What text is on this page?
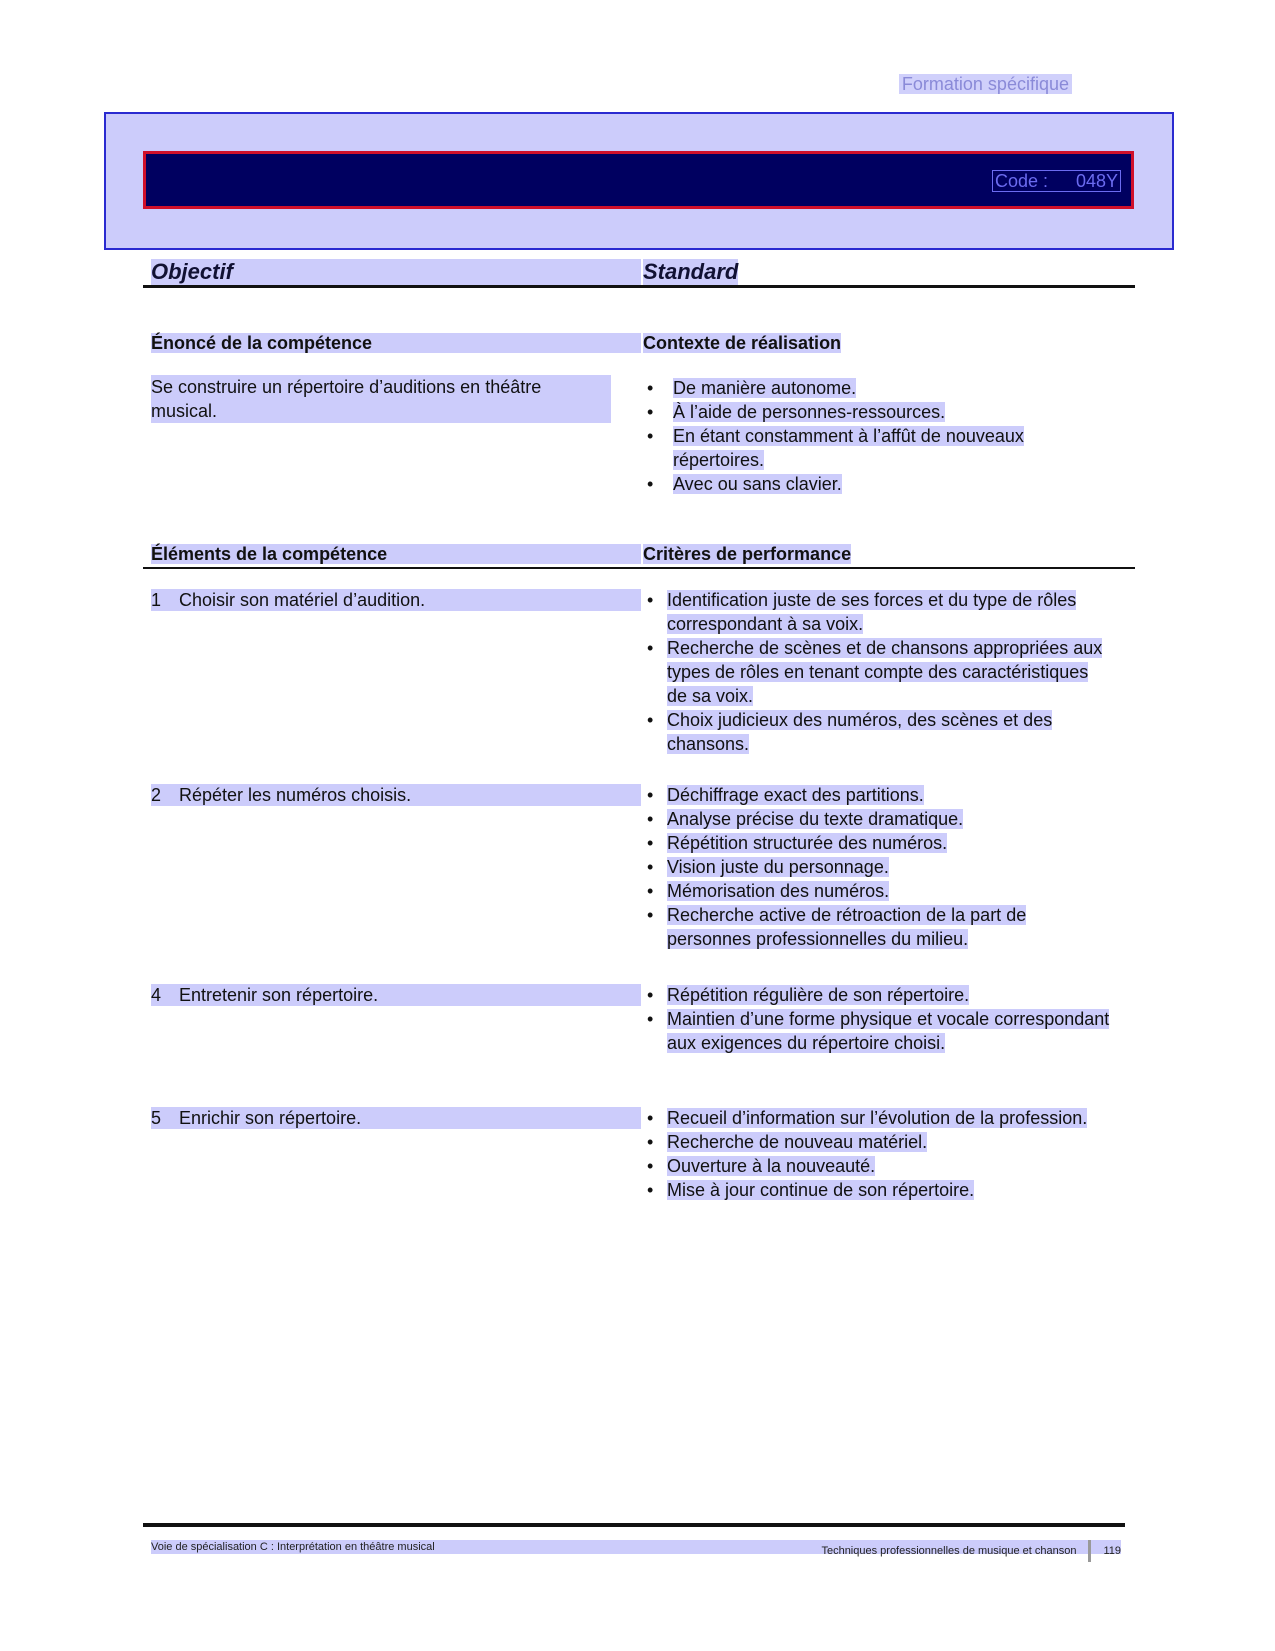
Formation spécifique
Code :	048Y
Objectif	Standard
Énoncé de la compétence	Contexte de réalisation
Se construire un répertoire d’auditions en théâtre musical.
• De manière autonome.
• À l’aide de personnes-ressources.
• En étant constamment à l’affût de nouveaux répertoires.
• Avec ou sans clavier.
Éléments de la compétence	Critères de performance
1 Choisir son matériel d’audition.	• Identification juste de ses forces et du type de rôles correspondant à sa voix.
• Recherche de scènes et de chansons appropriées aux types de rôles en tenant compte des caractéristiques de sa voix.
• Choix judicieux des numéros, des scènes et des chansons.
2 Répéter les numéros choisis.	• Déchiffrage exact des partitions.
• Analyse précise du texte dramatique.
• Répétition structurée des numéros.
• Vision juste du personnage.
• Mémorisation des numéros.
• Recherche active de rétroaction de la part de personnes professionnelles du milieu.
4 Entretenir son répertoire.	• Répétition régulière de son répertoire.
• Maintien d’une forme physique et vocale correspondant aux exigences du répertoire choisi.
5 Enrichir son répertoire.	• Recueil d’information sur l’évolution de la profession.
• Recherche de nouveau matériel.
• Ouverture à la nouveauté.
• Mise à jour continue de son répertoire.
Voie de spécialisation C : Interprétation en théâtre musical	Techniques professionnelles de musique et chanson 119
